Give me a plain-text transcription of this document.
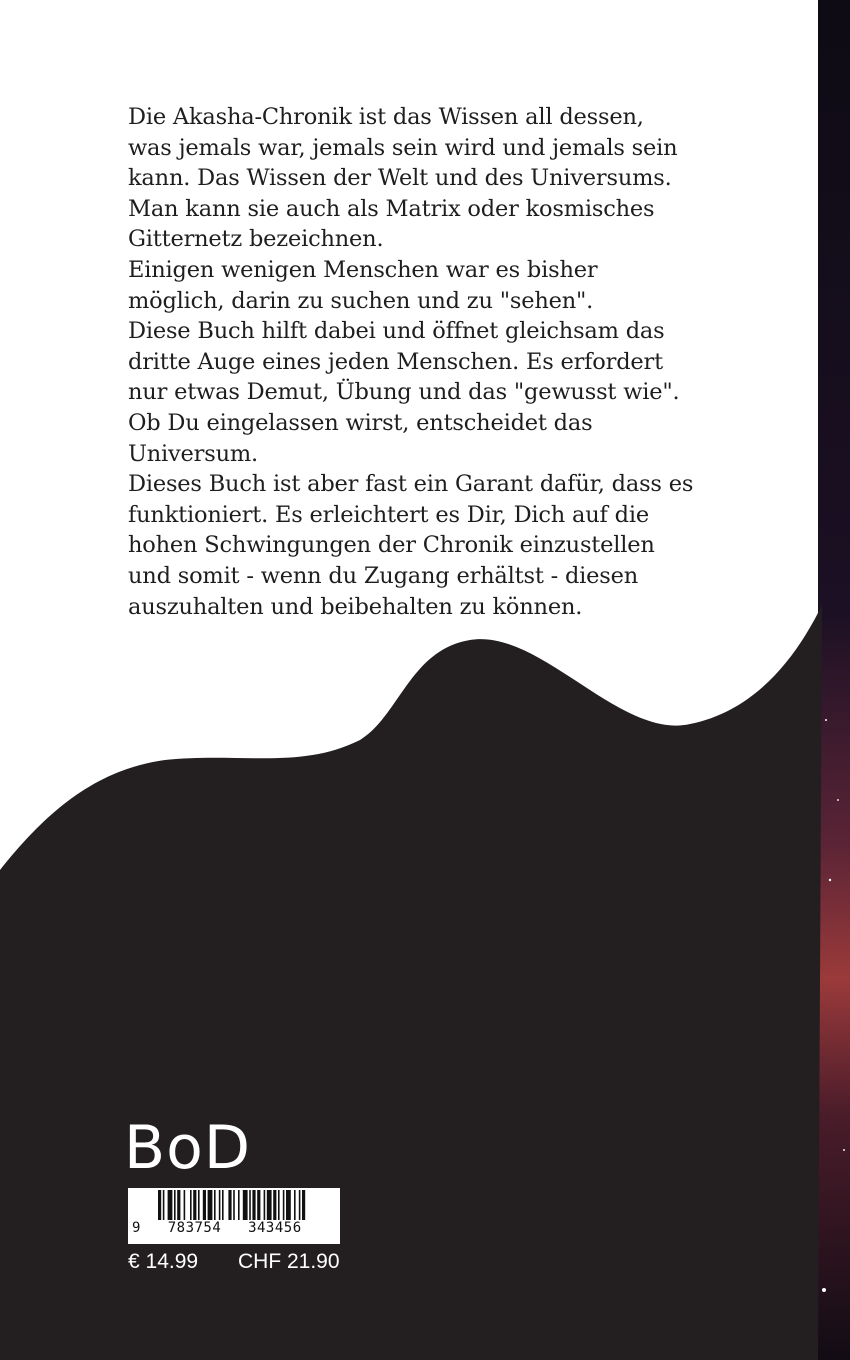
Die Akasha-Chronik ist das Wissen all dessen,
was jemals war, jemals sein wird und jemals sein
kann. Das Wissen der Welt und des Universums.
Man kann sie auch als Matrix oder kosmisches
Gitternetz bezeichnen.
Einigen wenigen Menschen war es bisher
möglich, darin zu suchen und zu "sehen".
Diese Buch hilft dabei und öffnet gleichsam das
dritte Auge eines jeden Menschen. Es erfordert
nur etwas Demut, Übung und das "gewusst wie".
Ob Du eingelassen wirst, entscheidet das
Universum.
Dieses Buch ist aber fast ein Garant dafür, dass es
funktioniert. Es erleichtert es Dir, Dich auf die
hohen Schwingungen der Chronik einzustellen
und somit - wenn du Zugang erhältst - diesen
auszuhalten und beibehalten zu können.
BoD
9   783754   343456
€ 14.99 CHF 21.90
